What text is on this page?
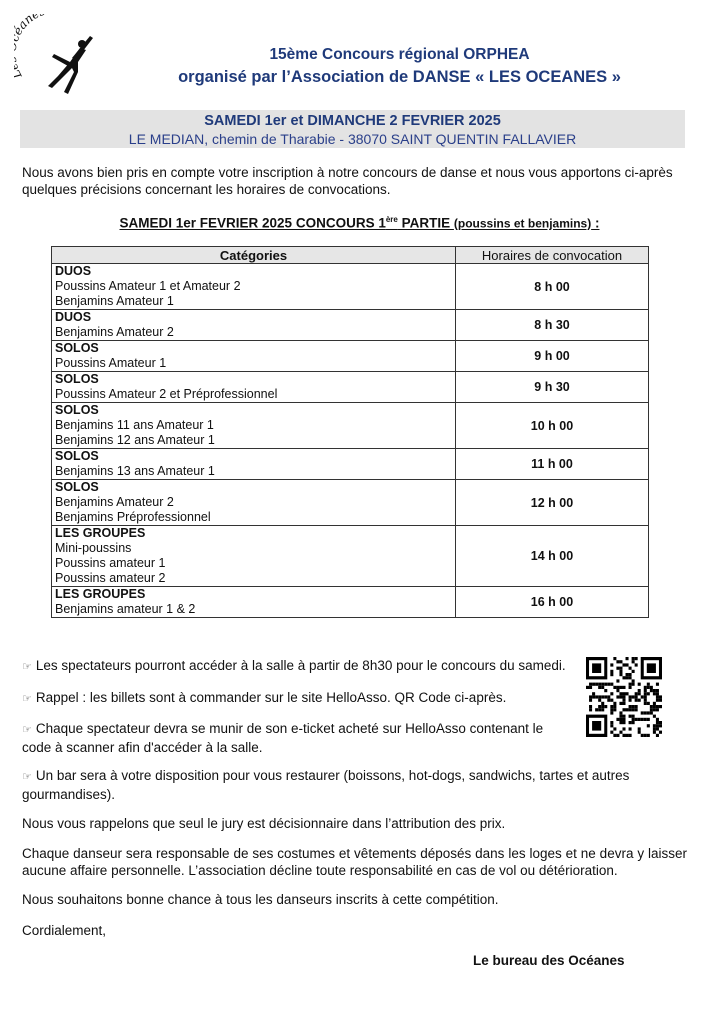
ane
15ème Concours régional ORPHEA
organisé par l’Association de DANSE « LES OCEANES »
SAMEDI 1er et DIMANCHE 2 FEVRIER 2025
LE MEDIAN, chemin de Tharabie - 38070 SAINT QUENTIN FALLAVIER
Nous avons bien pris en compte votre inscription à notre concours de danse et nous vous apportons ci-après quelques précisions concernant les horaires de convocations.
SAMEDI 1er FEVRIER 2025 CONCOURS 1ère PARTIE (poussins et benjamins) :
Catégories	Horaires de convocation

DUOS
Poussins Amateur 1 et Amateur 2
Benjamins Amateur 1	8 h 00

DUOS
Benjamins Amateur 2	8 h 30

SOLOS
Poussins Amateur 1	9 h 00

SOLOS
Poussins Amateur 2 et Préprofessionnel	9 h 30

SOLOS
Benjamins 11 ans Amateur 1
Benjamins 12 ans Amateur 1	10 h 00

SOLOS
Benjamins 13 ans Amateur 1	11 h 00

SOLOS
Benjamins Amateur 2
Benjamins Préprofessionnel	12 h 00

LES GROUPES
Mini-poussins
Poussins amateur 1
Poussins amateur 2	14 h 00

LES GROUPES
Benjamins amateur 1 & 2	16 h 00
☞ Les spectateurs pourront accéder à la salle à partir de 8h30 pour le concours du samedi.
☞ Rappel : les billets sont à commander sur le site HelloAsso. QR Code ci-après.
☞ Chaque spectateur devra se munir de son e-ticket acheté sur HelloAsso contenant le code à scanner afin d'accéder à la salle.
☞ Un bar sera à votre disposition pour vous restaurer (boissons, hot-dogs, sandwichs, tartes et autres gourmandises).
Nous vous rappelons que seul le jury est décisionnaire dans l’attribution des prix.
Chaque danseur sera responsable de ses costumes et vêtements déposés dans les loges et ne devra y laisser aucune affaire personnelle. L’association décline toute responsabilité en cas de vol ou détérioration.
Nous souhaitons bonne chance à tous les danseurs inscrits à cette compétition.
Cordialement,
Le bureau des Océanes
